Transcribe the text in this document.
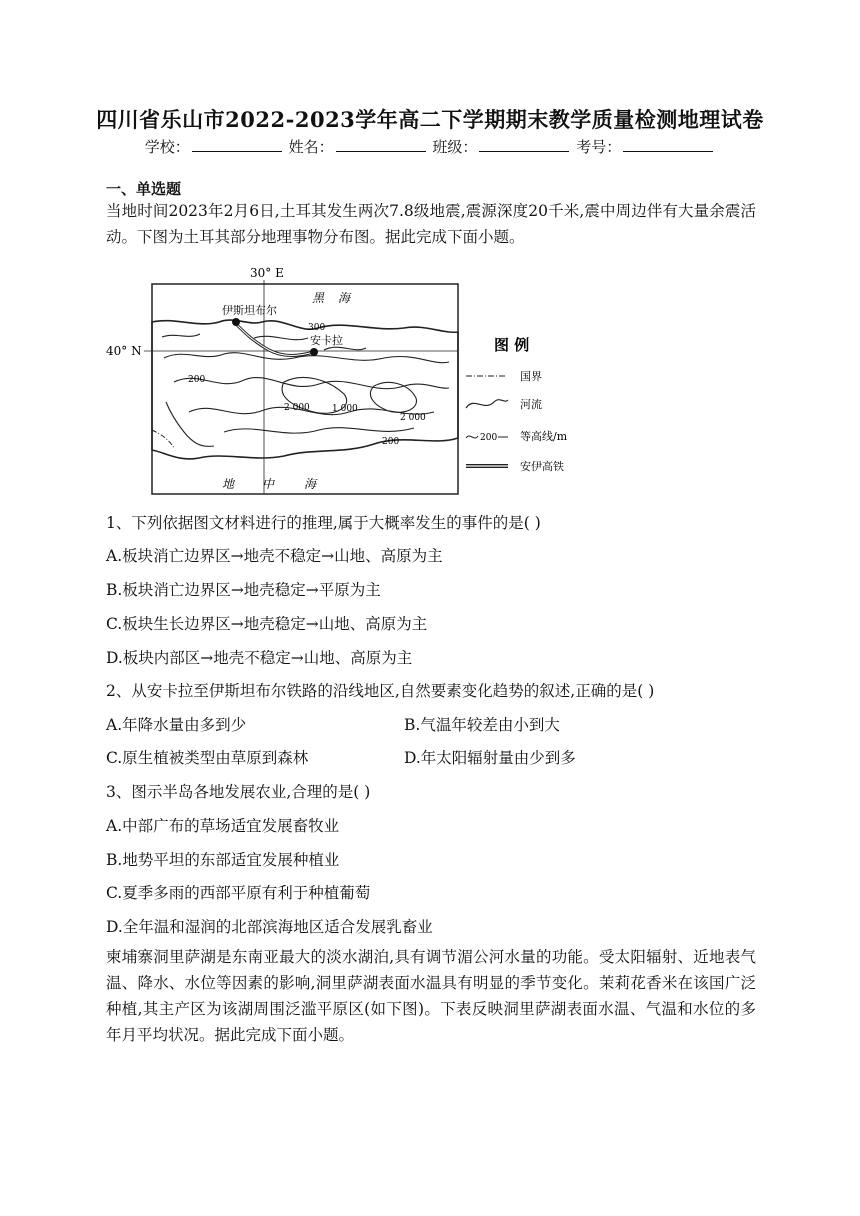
四川省乐山市2022-2023学年高二下学期期末教学质量检测地理试卷
学校：	姓名：	班级：	考号：
一、单选题
当地时间2023年2月6日,土耳其发生两次7.8级地震,震源深度20千米,震中周边伴有大量余震活动。下图为土耳其部分地理事物分布图。据此完成下面小题。
30° E
40° N
伊斯坦布尔
安卡拉
黑 海
地 中 海
300
200
2 000 1 000
2 000
200
图 例
国界
河流
200 等高线/m
安伊高铁
1、下列依据图文材料进行的推理,属于大概率发生的事件的是( )
A.板块消亡边界区→地壳不稳定→山地、高原为主
B.板块消亡边界区→地壳稳定→平原为主
C.板块生长边界区→地壳稳定→山地、高原为主
D.板块内部区→地壳不稳定→山地、高原为主
2、从安卡拉至伊斯坦布尔铁路的沿线地区,自然要素变化趋势的叙述,正确的是( )
A.年降水量由多到少	B.气温年较差由小到大
C.原生植被类型由草原到森林	D.年太阳辐射量由少到多
3、图示半岛各地发展农业,合理的是( )
A.中部广布的草场适宜发展畜牧业
B.地势平坦的东部适宜发展种植业
C.夏季多雨的西部平原有利于种植葡萄
D.全年温和湿润的北部滨海地区适合发展乳畜业
柬埔寨洞里萨湖是东南亚最大的淡水湖泊,具有调节湄公河水量的功能。受太阳辐射、近地表气温、降水、水位等因素的影响,洞里萨湖表面水温具有明显的季节变化。茉莉花香米在该国广泛种植,其主产区为该湖周围泛滥平原区(如下图)。下表反映洞里萨湖表面水温、气温和水位的多年月平均状况。据此完成下面小题。
